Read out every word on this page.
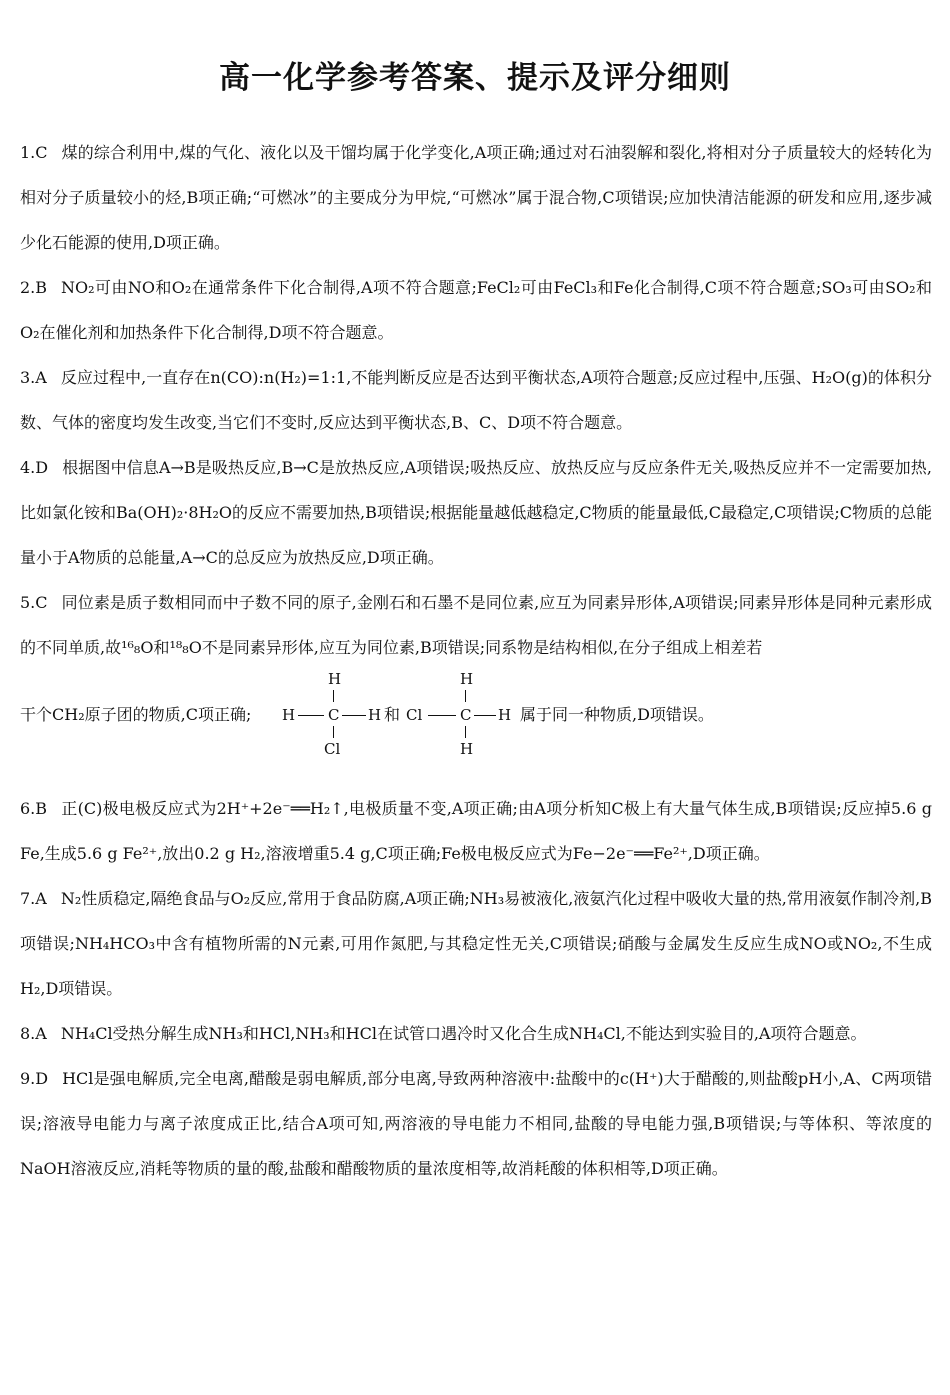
高一化学参考答案、提示及评分细则

1.C 煤的综合利用中,煤的气化、液化以及干馏均属于化学变化,A项正确;通过对石油裂解和裂化,将相对分子质量较大的烃转化为相对分子质量较小的烃,B项正确;“可燃冰”的主要成分为甲烷,“可燃冰”属于混合物,C项错误;应加快清洁能源的研发和应用,逐步减少化石能源的使用,D项正确。

2.B NO₂可由NO和O₂在通常条件下化合制得,A项不符合题意;FeCl₂可由FeCl₃和Fe化合制得,C项不符合题意;SO₃可由SO₂和O₂在催化剂和加热条件下化合制得,D项不符合题意。

3.A 反应过程中,一直存在n(CO):n(H₂)=1:1,不能判断反应是否达到平衡状态,A项符合题意;反应过程中,压强、H₂O(g)的体积分数、气体的密度均发生改变,当它们不变时,反应达到平衡状态,B、C、D项不符合题意。

4.D 根据图中信息A→B是吸热反应,B→C是放热反应,A项错误;吸热反应、放热反应与反应条件无关,吸热反应并不一定需要加热,比如氯化铵和Ba(OH)₂·8H₂O的反应不需要加热,B项错误;根据能量越低越稳定,C物质的能量最低,C最稳定,C项错误;C物质的总能量小于A物质的总能量,A→C的总反应为放热反应,D项正确。

5.C 同位素是质子数相同而中子数不同的原子,金刚石和石墨不是同位素,应互为同素异形体,A项错误;同素异形体是同种元素形成的不同单质,故¹⁶₈O和¹⁸₈O不是同素异形体,应互为同位素,B项错误;同系物是结构相似,在分子组成上相差若

干个CH₂原子团的物质,C项正确;
H
H C H
Cl
和
H
Cl	C H
H
属于同一种物质,D项错误。

6.B 正(C)极电极反应式为2H⁺+2e⁻══H₂↑,电极质量不变,A项正确;由A项分析知C极上有大量气体生成,B项错误;反应掉5.6 g Fe,生成5.6 g Fe²⁺,放出0.2 g H₂,溶液增重5.4 g,C项正确;Fe极电极反应式为Fe−2e⁻══Fe²⁺,D项正确。

7.A N₂性质稳定,隔绝食品与O₂反应,常用于食品防腐,A项正确;NH₃易被液化,液氨汽化过程中吸收大量的热,常用液氨作制冷剂,B项错误;NH₄HCO₃中含有植物所需的N元素,可用作氮肥,与其稳定性无关,C项错误;硝酸与金属发生反应生成NO或NO₂,不生成H₂,D项错误。

8.A NH₄Cl受热分解生成NH₃和HCl,NH₃和HCl在试管口遇冷时又化合生成NH₄Cl,不能达到实验目的,A项符合题意。

9.D HCl是强电解质,完全电离,醋酸是弱电解质,部分电离,导致两种溶液中:盐酸中的c(H⁺)大于醋酸的,则盐酸pH小,A、C两项错误;溶液导电能力与离子浓度成正比,结合A项可知,两溶液的导电能力不相同,盐酸的导电能力强,B项错误;与等体积、等浓度的NaOH溶液反应,消耗等物质的量的酸,盐酸和醋酸物质的量浓度相等,故消耗酸的体积相等,D项正确。
